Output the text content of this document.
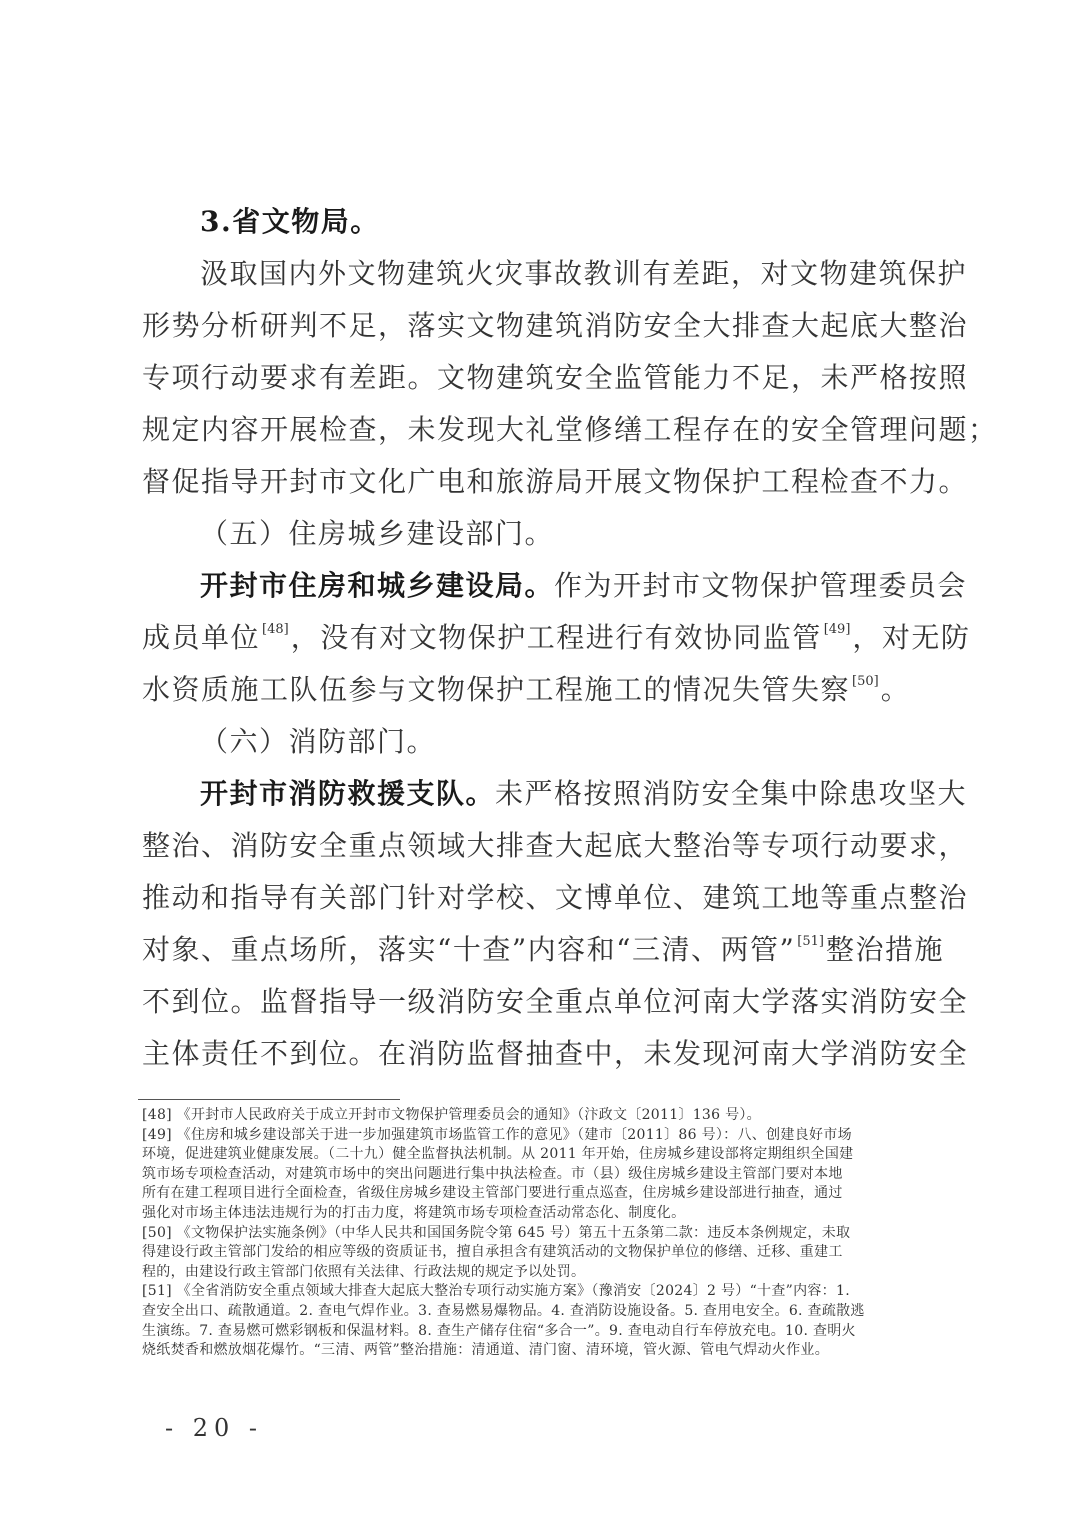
3.省文物局。
汲取国内外文物建筑火灾事故教训有差距，对文物建筑保护
形势分析研判不足，落实文物建筑消防安全大排查大起底大整治
专项行动要求有差距。文物建筑安全监管能力不足，未严格按照
规定内容开展检查，未发现大礼堂修缮工程存在的安全管理问题；
督促指导开封市文化广电和旅游局开展文物保护工程检查不力。
（五）住房城乡建设部门。
开封市住房和城乡建设局。作为开封市文物保护管理委员会
成员单位 [48]，没有对文物保护工程进行有效协同监管 [49]，对无防
水资质施工队伍参与文物保护工程施工的情况失管失察 [50]。
（六）消防部门。
开封市消防救援支队。未严格按照消防安全集中除患攻坚大
整治、消防安全重点领域大排查大起底大整治等专项行动要求，
推动和指导有关部门针对学校、文博单位、建筑工地等重点整治
对象、重点场所，落实“十查”内容和“三清、两管” [51]整治措施
不到位。监督指导一级消防安全重点单位河南大学落实消防安全
主体责任不到位。在消防监督抽查中，未发现河南大学消防安全
[48] 《开封市人民政府关于成立开封市文物保护管理委员会的通知》（汴政文〔2011〕136 号）。
[49] 《住房和城乡建设部关于进一步加强建筑市场监管工作的意见》（建市〔2011〕86 号）：八、创建良好市场
环境，促进建筑业健康发展。（二十九）健全监督执法机制。从 2011 年开始，住房城乡建设部将定期组织全国建
筑市场专项检查活动，对建筑市场中的突出问题进行集中执法检查。市（县）级住房城乡建设主管部门要对本地
所有在建工程项目进行全面检查，省级住房城乡建设主管部门要进行重点巡查，住房城乡建设部进行抽查，通过
强化对市场主体违法违规行为的打击力度，将建筑市场专项检查活动常态化、制度化。
[50] 《文物保护法实施条例》（中华人民共和国国务院令第 645 号）第五十五条第二款：违反本条例规定，未取
得建设行政主管部门发给的相应等级的资质证书，擅自承担含有建筑活动的文物保护单位的修缮、迁移、重建工
程的，由建设行政主管部门依照有关法律、行政法规的规定予以处罚。
[51] 《全省消防安全重点领域大排查大起底大整治专项行动实施方案》（豫消安〔2024〕2 号）“十查”内容：1.
查安全出口、疏散通道。2. 查电气焊作业。3. 查易燃易爆物品。4. 查消防设施设备。5. 查用电安全。6. 查疏散逃
生演练。7. 查易燃可燃彩钢板和保温材料。8. 查生产储存住宿“多合一”。9. 查电动自行车停放充电。10. 查明火
烧纸焚香和燃放烟花爆竹。“三清、两管”整治措施：清通道、清门窗、清环境，管火源、管电气焊动火作业。
- 20 -
